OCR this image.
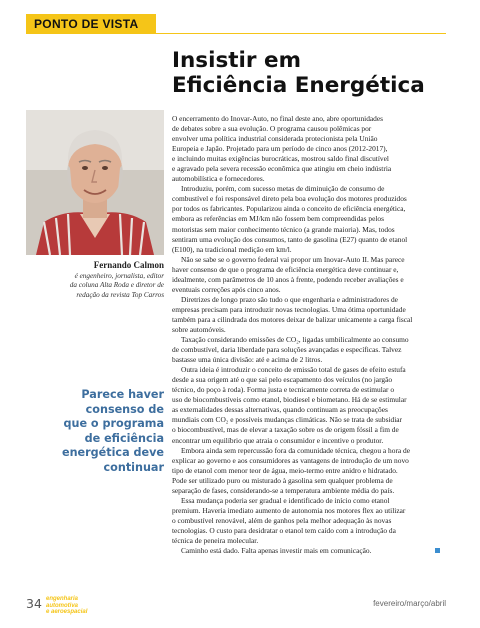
PONTO DE VISTA
Insistir em
Eficiência Energética
Fernando Calmon
é engenheiro, jornalista, editor
da coluna Alta Roda e diretor de
redação da revista Top Carros
Parece haver
consenso de
que o programa
de eficiência
energética deve
continuar
O encerramento do Inovar-Auto, no final deste ano, abre oportunidades
de debates sobre a sua evolução. O programa causou polêmicas por
envolver uma política industrial considerada protecionista pela União
Europeia e Japão. Projetado para um período de cinco anos (2012-2017),
e incluindo muitas exigências burocráticas, mostrou saldo final discutível
e agravado pela severa recessão econômica que atingiu em cheio indústria
automobilística e fornecedores.
Introduziu, porém, com sucesso metas de diminuição de consumo de
combustível e foi responsável direto pela boa evolução dos motores produzidos
por todos os fabricantes. Popularizou ainda o conceito de eficiência energética,
embora as referências em MJ/km não fossem bem compreendidas pelos
motoristas sem maior conhecimento técnico (a grande maioria). Mas, todos
sentiram uma evolução dos consumos, tanto de gasolina (E27) quanto de etanol
(E100), na tradicional medição em km/l.
Não se sabe se o governo federal vai propor um Inovar-Auto II. Mas parece
haver consenso de que o programa de eficiência energética deve continuar e,
idealmente, com parâmetros de 10 anos à frente, podendo receber avaliações e
eventuais correções após cinco anos.
Diretrizes de longo prazo são tudo o que engenharia e administradores de
empresas precisam para introduzir novas tecnologias. Uma ótima oportunidade
também para a cilindrada dos motores deixar de balizar unicamente a carga fiscal
sobre automóveis.
Taxação considerando emissões de CO₂, ligadas umbilicalmente ao consumo
de combustível, daria liberdade para soluções avançadas e específicas. Talvez
bastasse uma única divisão: até e acima de 2 litros.
Outra ideia é introduzir o conceito de emissão total de gases de efeito estufa
desde a sua origem até o que sai pelo escapamento dos veículos (no jargão
técnico, do poço à roda). Forma justa e tecnicamente correta de estimular o
uso de biocombustíveis como etanol, biodiesel e biometano. Há de se estimular
as externalidades dessas alternativas, quando continuam as preocupações
mundiais com CO₂ e possíveis mudanças climáticas. Não se trata de subsidiar
o biocombustível, mas de elevar a taxação sobre os de origem fóssil a fim de
encontrar um equilíbrio que atraia o consumidor e incentive o produtor.
Embora ainda sem repercussão fora da comunidade técnica, chegou a hora de
explicar ao governo e aos consumidores as vantagens de introdução de um novo
tipo de etanol com menor teor de água, meio-termo entre anidro e hidratado.
Pode ser utilizado puro ou misturado à gasolina sem qualquer problema de
separação de fases, considerando-se a temperatura ambiente média do país.
Essa mudança poderia ser gradual e identificado de início como etanol
premium. Haveria imediato aumento de autonomia nos motores flex ao utilizar
o combustível renovável, além de ganhos pela melhor adequação às novas
tecnologias. O custo para desidratar o etanol tem caído com a introdução da
técnica de peneira molecular.
Caminho está dado. Falta apenas investir mais em comunicação.
34 engenharia
automotiva
e aeroespacial
fevereiro/março/abril
